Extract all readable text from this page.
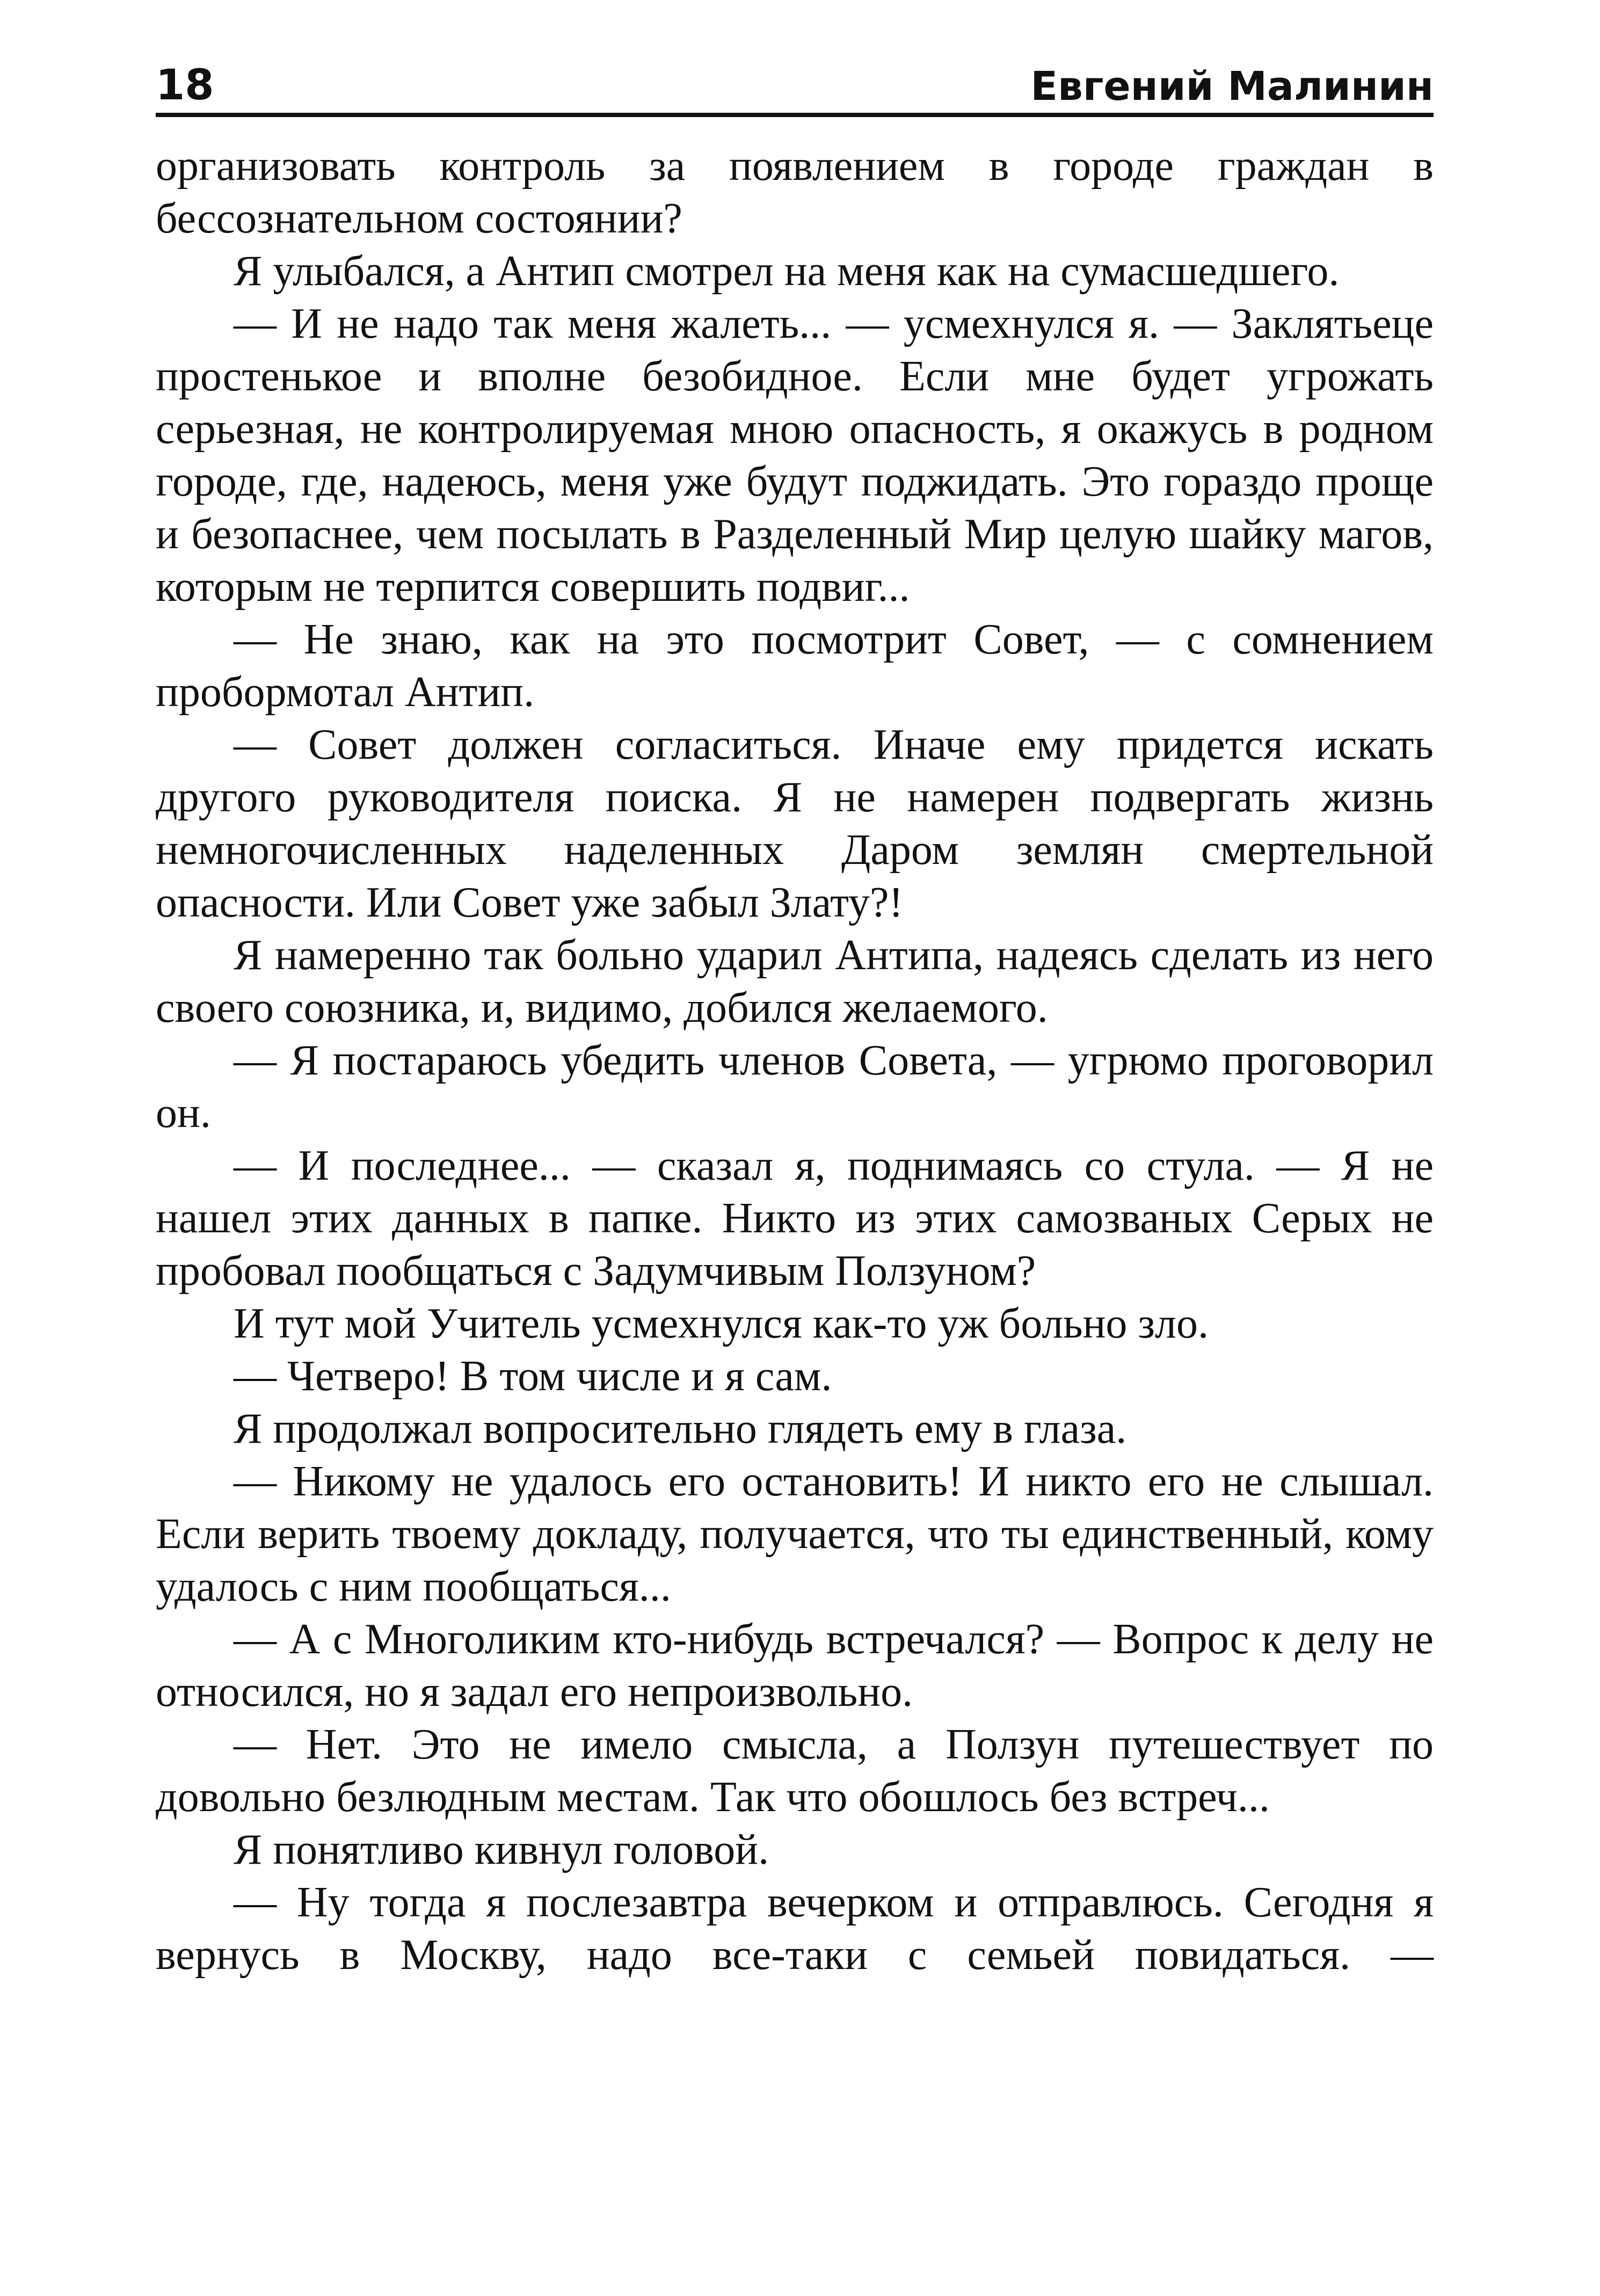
18	Евгений Малинин

организовать контроль за появлением в городе граждан в бессознательном состоянии?

Я улыбался, а Антип смотрел на меня как на сумасшедшего.

— И не надо так меня жалеть... — усмехнулся я. — Заклятьеце простенькое и вполне безобидное. Если мне будет угрожать серьезная, не контролируемая мною опасность, я окажусь в родном городе, где, надеюсь, меня уже будут поджидать. Это гораздо проще и безопаснее, чем посылать в Разделенный Мир целую шайку магов, которым не терпится совершить подвиг...

— Не знаю, как на это посмотрит Совет, — с сомнением пробормотал Антип.

— Совет должен согласиться. Иначе ему придется искать другого руководителя поиска. Я не намерен подвергать жизнь немногочисленных наделенных Даром землян смертельной опасности. Или Совет уже забыл Злату?!

Я намеренно так больно ударил Антипа, надеясь сделать из него своего союзника, и, видимо, добился желаемого.

— Я постараюсь убедить членов Совета, — угрюмо проговорил он.

— И последнее... — сказал я, поднимаясь со стула. — Я не нашел этих данных в папке. Никто из этих самозваных Серых не пробовал пообщаться с Задумчивым Ползуном?

И тут мой Учитель усмехнулся как-то уж больно зло.

— Четверо! В том числе и я сам.

Я продолжал вопросительно глядеть ему в глаза.

— Никому не удалось его остановить! И никто его не слышал. Если верить твоему докладу, получается, что ты единственный, кому удалось с ним пообщаться...

— А с Многоликим кто-нибудь встречался? — Вопрос к делу не относился, но я задал его непроизвольно.

— Нет. Это не имело смысла, а Ползун путешествует по довольно безлюдным местам. Так что обошлось без встреч...

Я понятливо кивнул головой.

— Ну тогда я послезавтра вечерком и отправлюсь. Сегодня я вернусь в Москву, надо все-таки с семьей повидаться. —
